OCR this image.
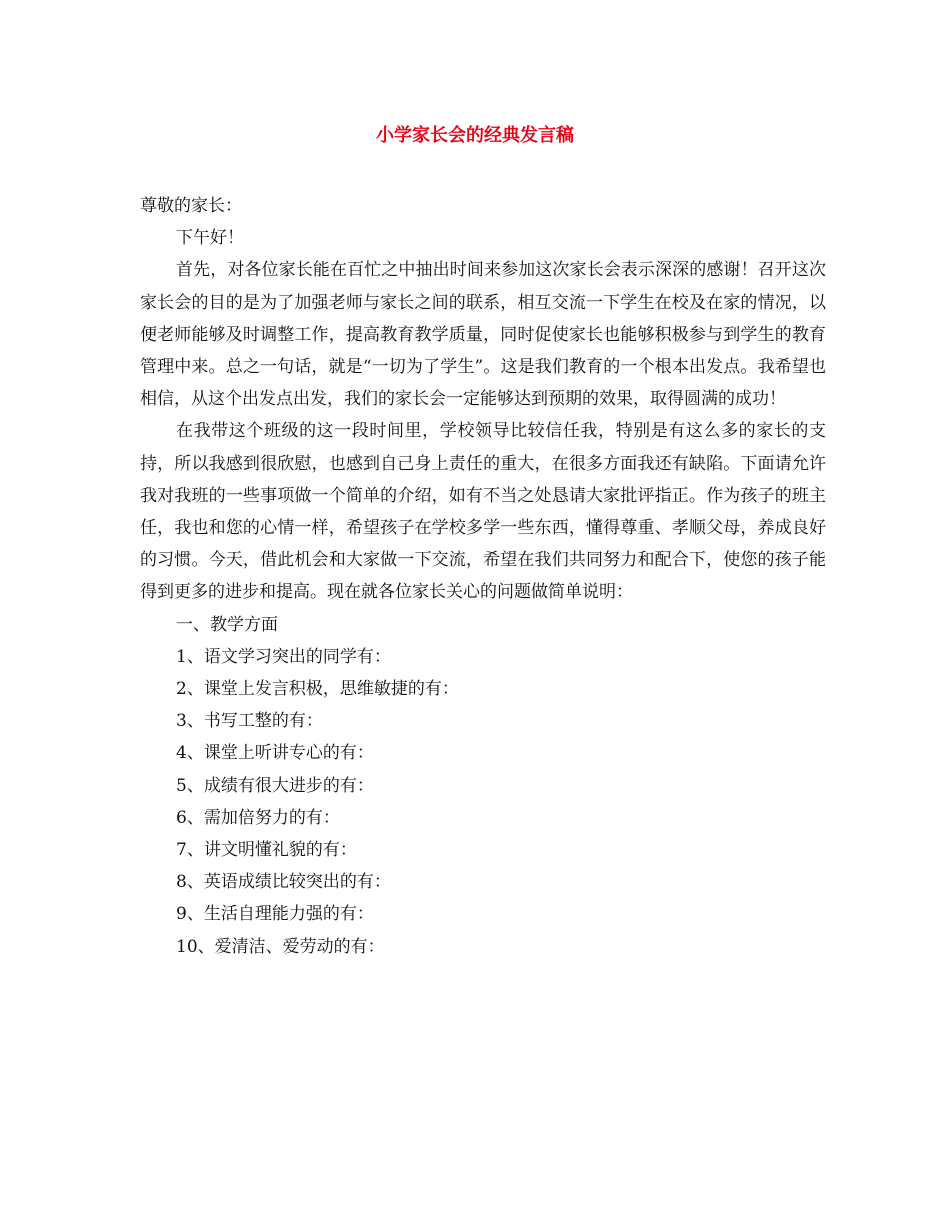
小学家长会的经典发言稿

尊敬的家长：

下午好！

首先，对各位家长能在百忙之中抽出时间来参加这次家长会表示深深的感谢！召开这次家长会的目的是为了加强老师与家长之间的联系，相互交流一下学生在校及在家的情况，以便老师能够及时调整工作，提高教育教学质量，同时促使家长也能够积极参与到学生的教育管理中来。总之一句话，就是“一切为了学生”。这是我们教育的一个根本出发点。我希望也相信，从这个出发点出发，我们的家长会一定能够达到预期的效果，取得圆满的成功！

在我带这个班级的这一段时间里，学校领导比较信任我，特别是有这么多的家长的支持，所以我感到很欣慰，也感到自己身上责任的重大，在很多方面我还有缺陷。下面请允许我对我班的一些事项做一个简单的介绍，如有不当之处恳请大家批评指正。作为孩子的班主任，我也和您的心情一样，希望孩子在学校多学一些东西，懂得尊重、孝顺父母，养成良好的习惯。今天，借此机会和大家做一下交流，希望在我们共同努力和配合下，使您的孩子能得到更多的进步和提高。现在就各位家长关心的问题做简单说明：

一、教学方面

1、语文学习突出的同学有：

2、课堂上发言积极，思维敏捷的有：

3、书写工整的有：

4、课堂上听讲专心的有：

5、成绩有很大进步的有：

6、需加倍努力的有：

7、讲文明懂礼貌的有：

8、英语成绩比较突出的有：

9、生活自理能力强的有：

10、爱清洁、爱劳动的有：
